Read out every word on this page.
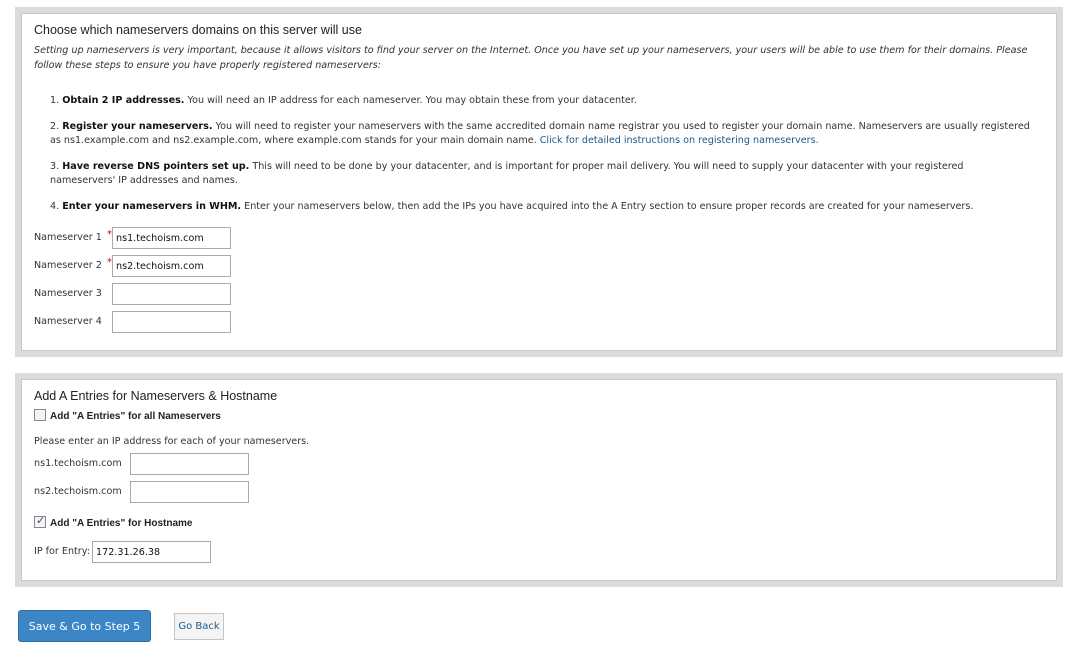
Choose which nameservers domains on this server will use
Setting up nameservers is very important, because it allows visitors to find your server on the Internet. Once you have set up your nameservers, your users will be able to use them for their domains. Please follow these steps to ensure you have properly registered nameservers:
1. Obtain 2 IP addresses. You will need an IP address for each nameserver. You may obtain these from your datacenter.
2. Register your nameservers. You will need to register your nameservers with the same accredited domain name registrar you used to register your domain name. Nameservers are usually registered as ns1.example.com and ns2.example.com, where example.com stands for your main domain name. Click for detailed instructions on registering nameservers.
3. Have reverse DNS pointers set up. This will need to be done by your datacenter, and is important for proper mail delivery. You will need to supply your datacenter with your registered nameservers' IP addresses and names.
4. Enter your nameservers in WHM. Enter your nameservers below, then add the IPs you have acquired into the A Entry section to ensure proper records are created for your nameservers.
Nameserver 1 *
ns1.techoism.com
Nameserver 2 *
ns2.techoism.com
Nameserver 3
Nameserver 4
Add A Entries for Nameservers & Hostname
Add "A Entries" for all Nameservers
Please enter an IP address for each of your nameservers.
ns1.techoism.com
ns2.techoism.com
✓ Add "A Entries" for Hostname
IP for Entry:
172.31.26.38
Save & Go to Step 5	Go Back
